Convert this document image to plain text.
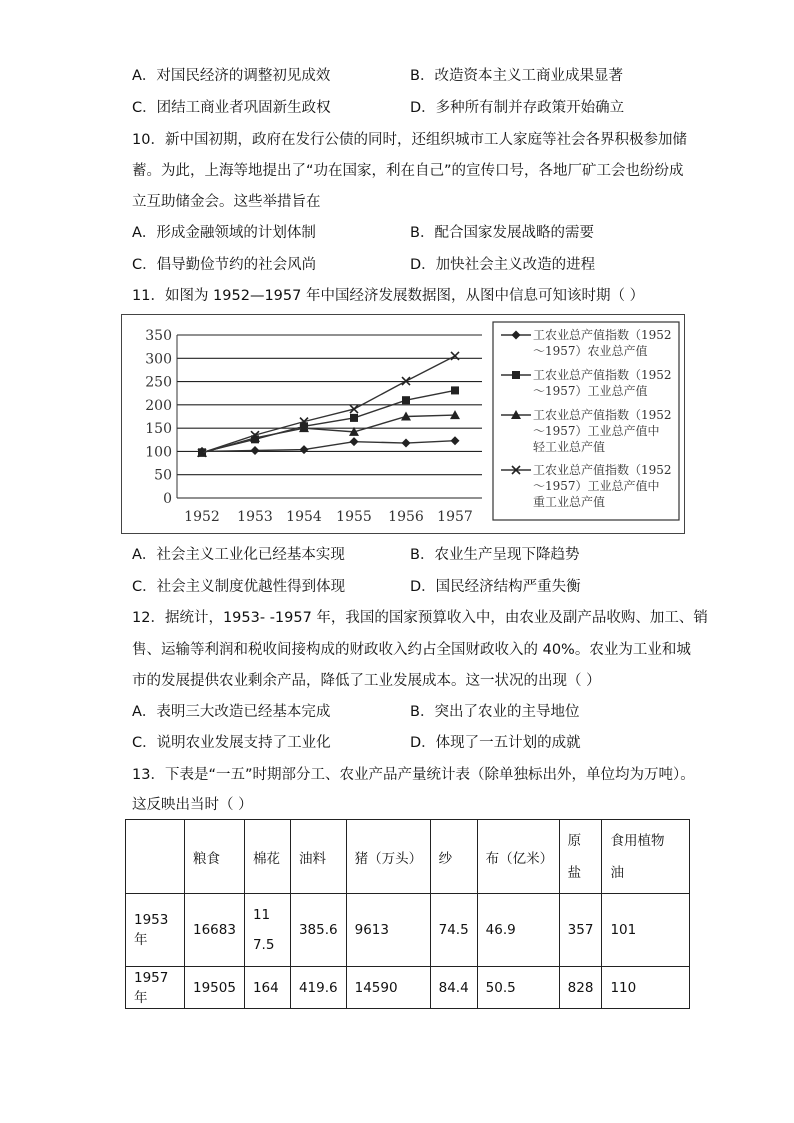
A．对国民经济的调整初见成效	B．改造资本主义工商业成果显著
C．团结工商业者巩固新生政权	D．多种所有制并存政策开始确立
10．新中国初期，政府在发行公债的同时，还组织城市工人家庭等社会各界积极参加储
蓄。为此，上海等地提出了“功在国家，利在自己”的宣传口号，各地厂矿工会也纷纷成
立互助储金会。这些举措旨在
A．形成金融领域的计划体制	B．配合国家发展战略的需要
C．倡导勤俭节约的社会风尚	D．加快社会主义改造的进程
11．如图为 1952—1957 年中国经济发展数据图，从图中信息可知该时期（ ）
0
50
100
150
200
250
300
350
1952 1953 1954 1955 1956 1957
工农业总产值指数（1952
～1957）农业总产值
工农业总产值指数（1952
～1957）工业总产值
工农业总产值指数（1952
～1957）工业总产值中
轻工业总产值
工农业总产值指数（1952
～1957）工业总产值中
重工业总产值
A．社会主义工业化已经基本实现	B．农业生产呈现下降趋势
C．社会主义制度优越性得到体现	D．国民经济结构严重失衡
12．据统计，1953- -1957 年，我国的国家预算收入中，由农业及副产品收购、加工、销
售、运输等利润和税收间接构成的财政收入约占全国财政收入的 40%。农业为工业和城
市的发展提供农业剩余产品，降低了工业发展成本。这一状况的出现（ ）
A．表明三大改造已经基本完成	B．突出了农业的主导地位
C．说明农业发展支持了工业化	D．体现了一五计划的成就
13．下表是“一五”时期部分工、农业产品产量统计表（除单独标出外，单位均为万吨）。
这反映出当时（ ）
	粮食	棉花	油料	猪（万头）	纱	布（亿米）	原盐	食用植物油
1953年	16683	117.5	385.6	9613	74.5	46.9	357	101
1957年	19505	164	419.6	14590	84.4	50.5	828	110
